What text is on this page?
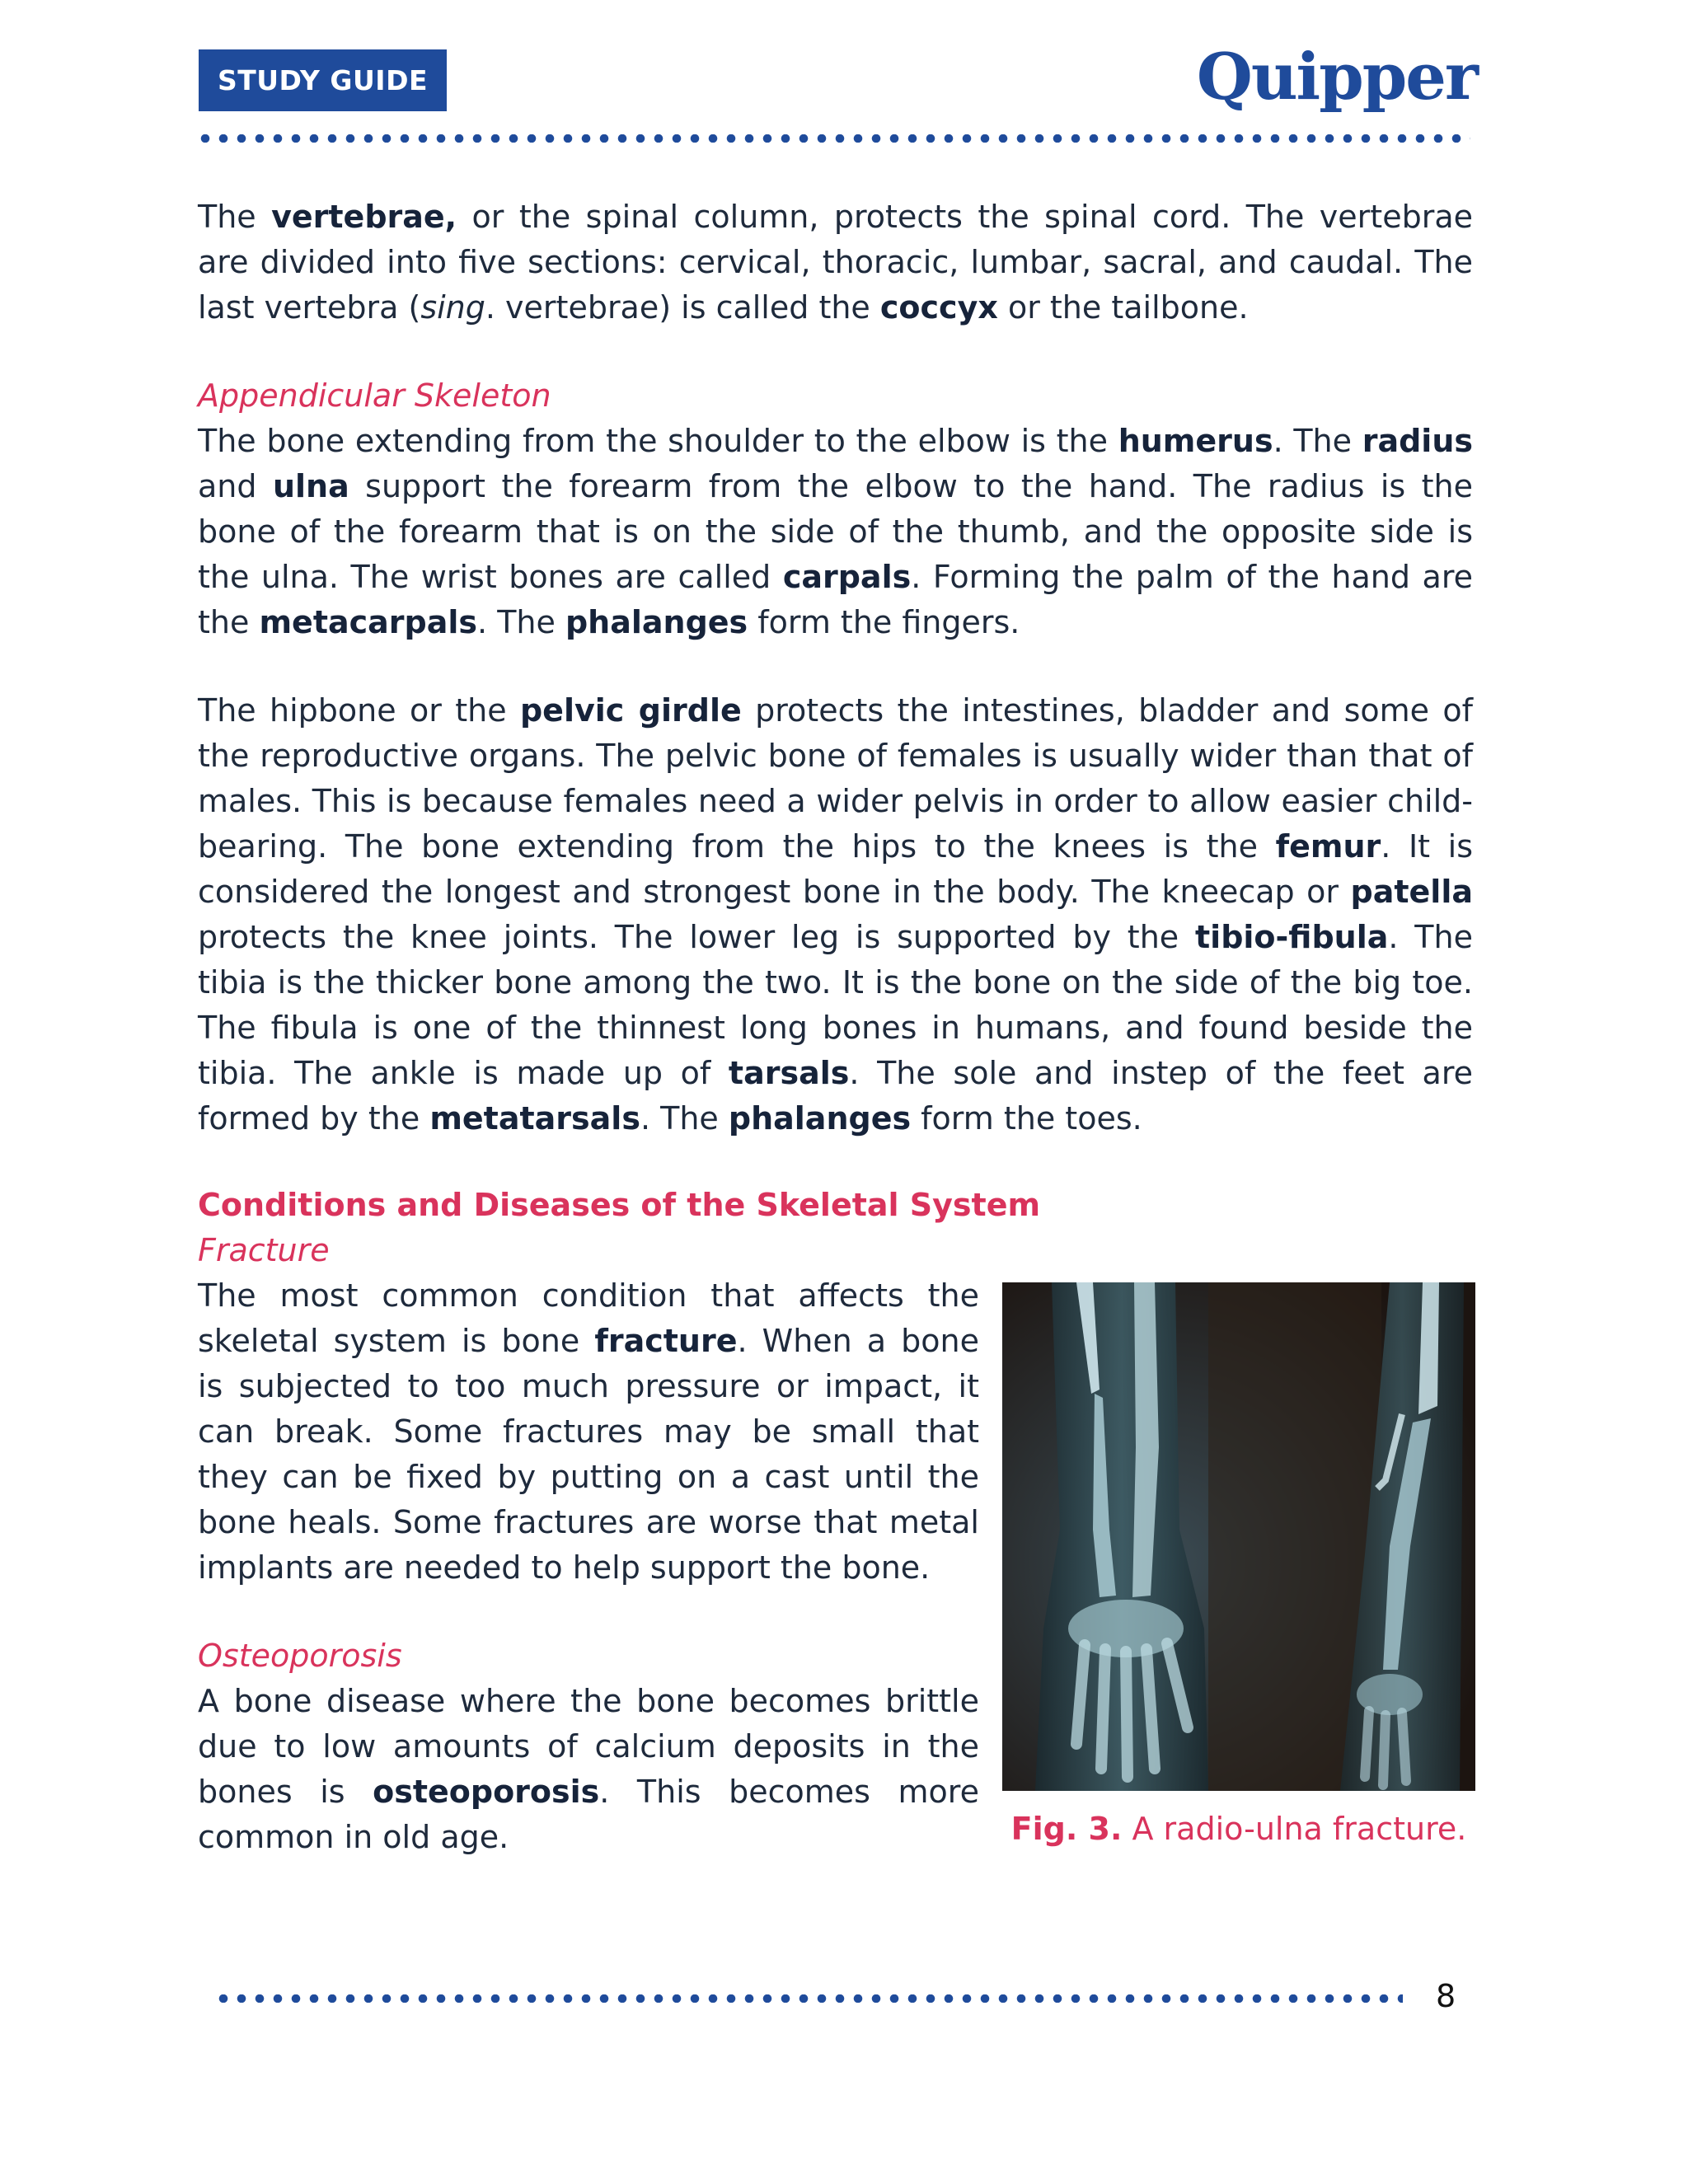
STUDY GUIDE	Quipper

The vertebrae, or the spinal column, protects the spinal cord. The vertebrae are divided into five sections: cervical, thoracic, lumbar, sacral, and caudal. The last vertebra (sing. vertebrae) is called the coccyx or the tailbone.

Appendicular Skeleton

The bone extending from the shoulder to the elbow is the humerus. The radius and ulna support the forearm from the elbow to the hand. The radius is the bone of the forearm that is on the side of the thumb, and the opposite side is the ulna. The wrist bones are called carpals. Forming the palm of the hand are the metacarpals. The phalanges form the fingers.

The hipbone or the pelvic girdle protects the intestines, bladder and some of the reproductive organs. The pelvic bone of females is usually wider than that of males. This is because females need a wider pelvis in order to allow easier child-bearing. The bone extending from the hips to the knees is the femur. It is considered the longest and strongest bone in the body. The kneecap or patella protects the knee joints. The lower leg is supported by the tibio-fibula. The tibia is the thicker bone among the two. It is the bone on the side of the big toe. The fibula is one of the thinnest long bones in humans, and found beside the tibia. The ankle is made up of tarsals. The sole and instep of the feet are formed by the metatarsals. The phalanges form the toes.

Conditions and Diseases of the Skeletal System
Fracture

The most common condition that affects the skeletal system is bone fracture. When a bone is subjected to too much pressure or impact, it can break. Some fractures may be small that they can be fixed by putting on a cast until the bone heals. Some fractures are worse that metal implants are needed to help support the bone.

Osteoporosis

A bone disease where the bone becomes brittle due to low amounts of calcium deposits in the bones is osteoporosis. This becomes more common in old age.	Fig. 3. A radio-ulna fracture.
8
